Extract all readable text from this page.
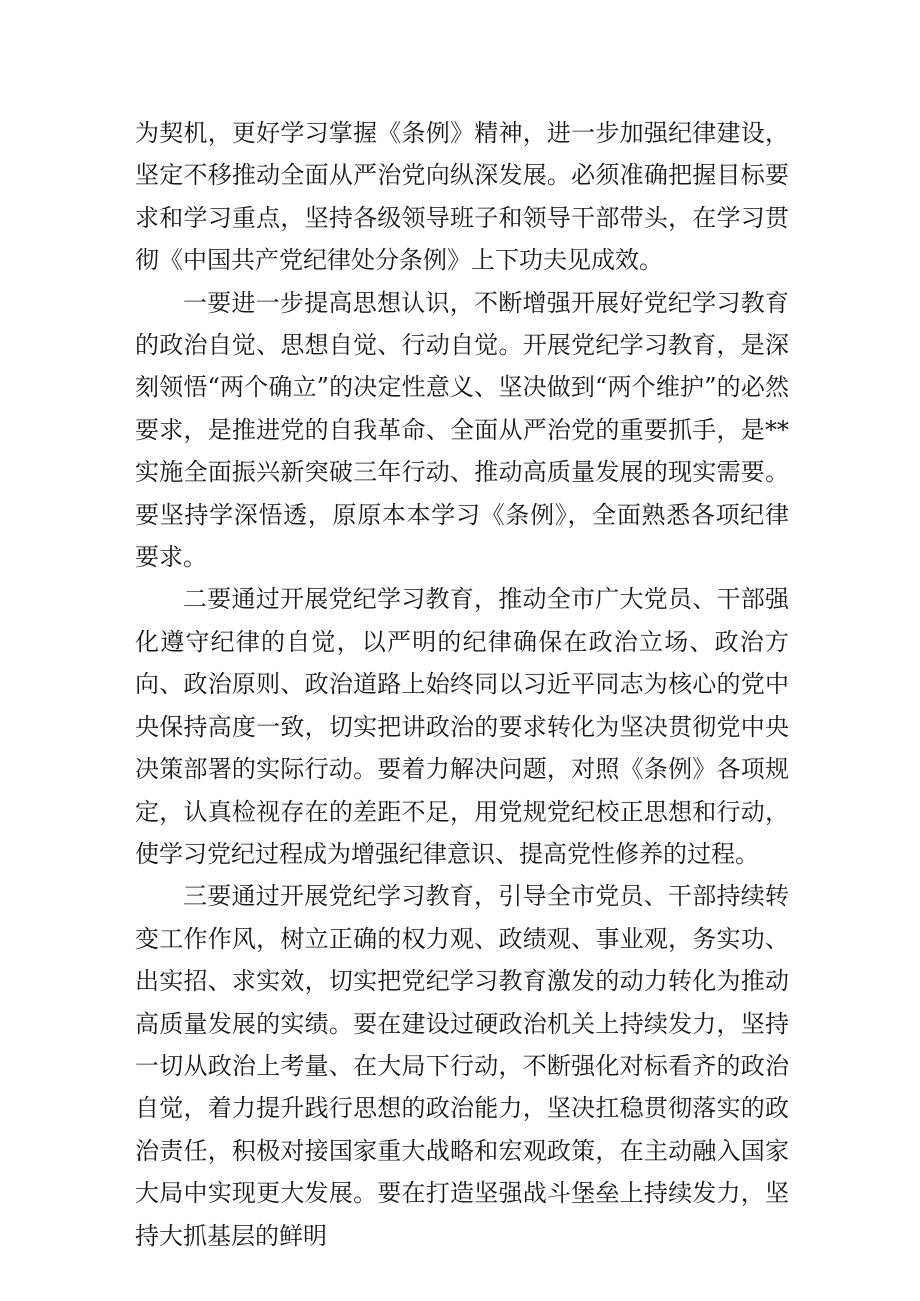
为契机，更好学习掌握《条例》精神，进一步加强纪律建设，坚定不移推动全面从严治党向纵深发展。必须准确把握目标要求和学习重点，坚持各级领导班子和领导干部带头，在学习贯彻《中国共产党纪律处分条例》上下功夫见成效。

一要进一步提高思想认识，不断增强开展好党纪学习教育的政治自觉、思想自觉、行动自觉。开展党纪学习教育，是深刻领悟“两个确立”的决定性意义、坚决做到“两个维护”的必然要求，是推进党的自我革命、全面从严治党的重要抓手，是**实施全面振兴新突破三年行动、推动高质量发展的现实需要。要坚持学深悟透，原原本本学习《条例》，全面熟悉各项纪律要求。

二要通过开展党纪学习教育，推动全市广大党员、干部强化遵守纪律的自觉，以严明的纪律确保在政治立场、政治方向、政治原则、政治道路上始终同以习近平同志为核心的党中央保持高度一致，切实把讲政治的要求转化为坚决贯彻党中央决策部署的实际行动。要着力解决问题，对照《条例》各项规定，认真检视存在的差距不足，用党规党纪校正思想和行动，使学习党纪过程成为增强纪律意识、提高党性修养的过程。

三要通过开展党纪学习教育，引导全市党员、干部持续转变工作作风，树立正确的权力观、政绩观、事业观，务实功、出实招、求实效，切实把党纪学习教育激发的动力转化为推动高质量发展的实绩。要在建设过硬政治机关上持续发力，坚持一切从政治上考量、在大局下行动，不断强化对标看齐的政治自觉，着力提升践行思想的政治能力，坚决扛稳贯彻落实的政治责任，积极对接国家重大战略和宏观政策，在主动融入国家大局中实现更大发展。要在打造坚强战斗堡垒上持续发力，坚持大抓基层的鲜明
